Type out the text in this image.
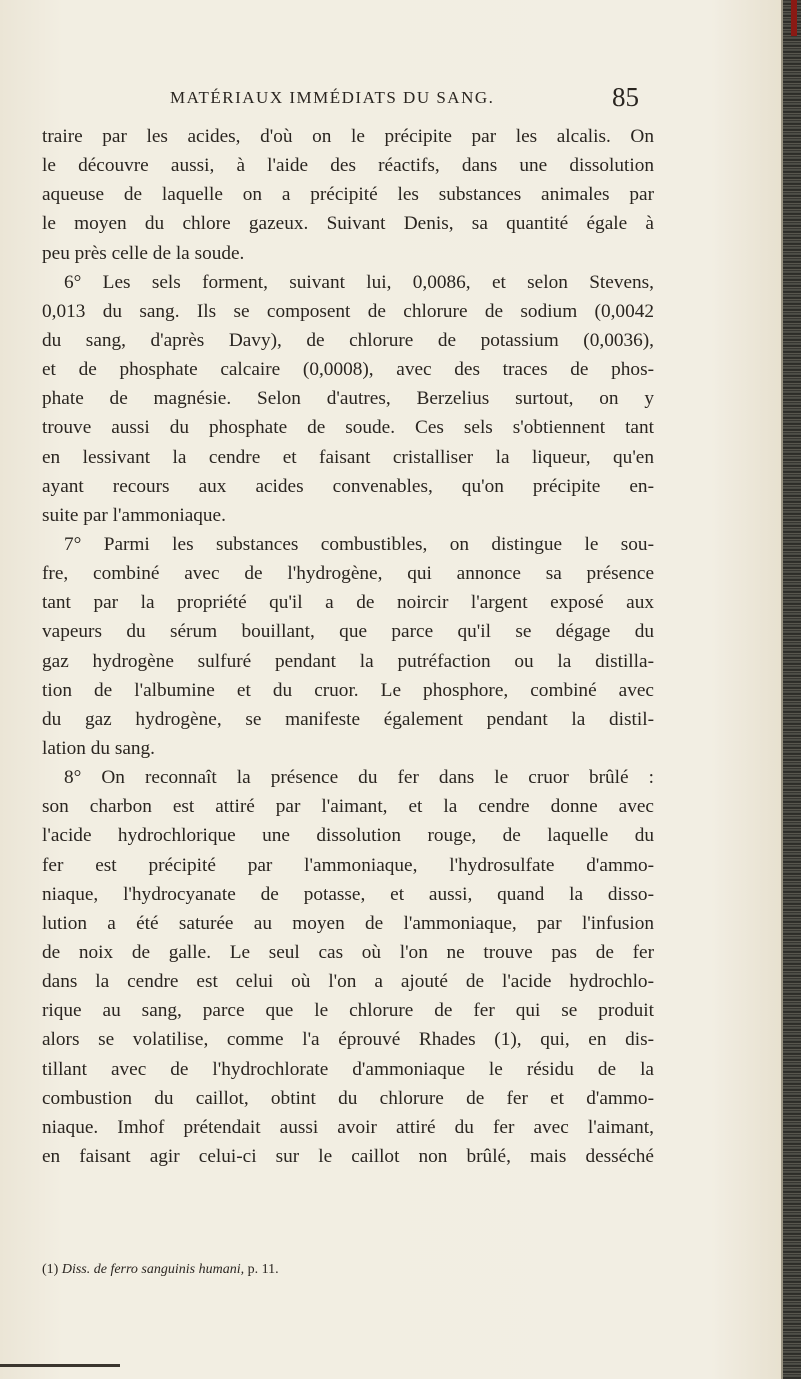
MATÉRIAUX IMMÉDIATS DU SANG.	85
traire par les acides, d'où on le précipite par les alcalis. On
le découvre aussi, à l'aide des réactifs, dans une dissolution
aqueuse de laquelle on a précipité les substances animales par
le moyen du chlore gazeux. Suivant Denis, sa quantité égale à
peu près celle de la soude.
6° Les sels forment, suivant lui, 0,0086, et selon Stevens,
0,013 du sang. Ils se composent de chlorure de sodium (0,0042
du sang, d'après Davy), de chlorure de potassium (0,0036),
et de phosphate calcaire (0,0008), avec des traces de phos-
phate de magnésie. Selon d'autres, Berzelius surtout, on y
trouve aussi du phosphate de soude. Ces sels s'obtiennent tant
en lessivant la cendre et faisant cristalliser la liqueur, qu'en
ayant recours aux acides convenables, qu'on précipite en-
suite par l'ammoniaque.
7° Parmi les substances combustibles, on distingue le sou-
fre, combiné avec de l'hydrogène, qui annonce sa présence
tant par la propriété qu'il a de noircir l'argent exposé aux
vapeurs du sérum bouillant, que parce qu'il se dégage du
gaz hydrogène sulfuré pendant la putréfaction ou la distilla-
tion de l'albumine et du cruor. Le phosphore, combiné avec
du gaz hydrogène, se manifeste également pendant la distil-
lation du sang.
8° On reconnaît la présence du fer dans le cruor brûlé :
son charbon est attiré par l'aimant, et la cendre donne avec
l'acide hydrochlorique une dissolution rouge, de laquelle du
fer est précipité par l'ammoniaque, l'hydrosulfate d'ammo-
niaque, l'hydrocyanate de potasse, et aussi, quand la disso-
lution a été saturée au moyen de l'ammoniaque, par l'infusion
de noix de galle. Le seul cas où l'on ne trouve pas de fer
dans la cendre est celui où l'on a ajouté de l'acide hydrochlo-
rique au sang, parce que le chlorure de fer qui se produit
alors se volatilise, comme l'a éprouvé Rhades (1), qui, en dis-
tillant avec de l'hydrochlorate d'ammoniaque le résidu de la
combustion du caillot, obtint du chlorure de fer et d'ammo-
niaque. Imhof prétendait aussi avoir attiré du fer avec l'aimant,
en faisant agir celui-ci sur le caillot non brûlé, mais desséché
(1) Diss. de ferro sanguinis humani, p. 11.
